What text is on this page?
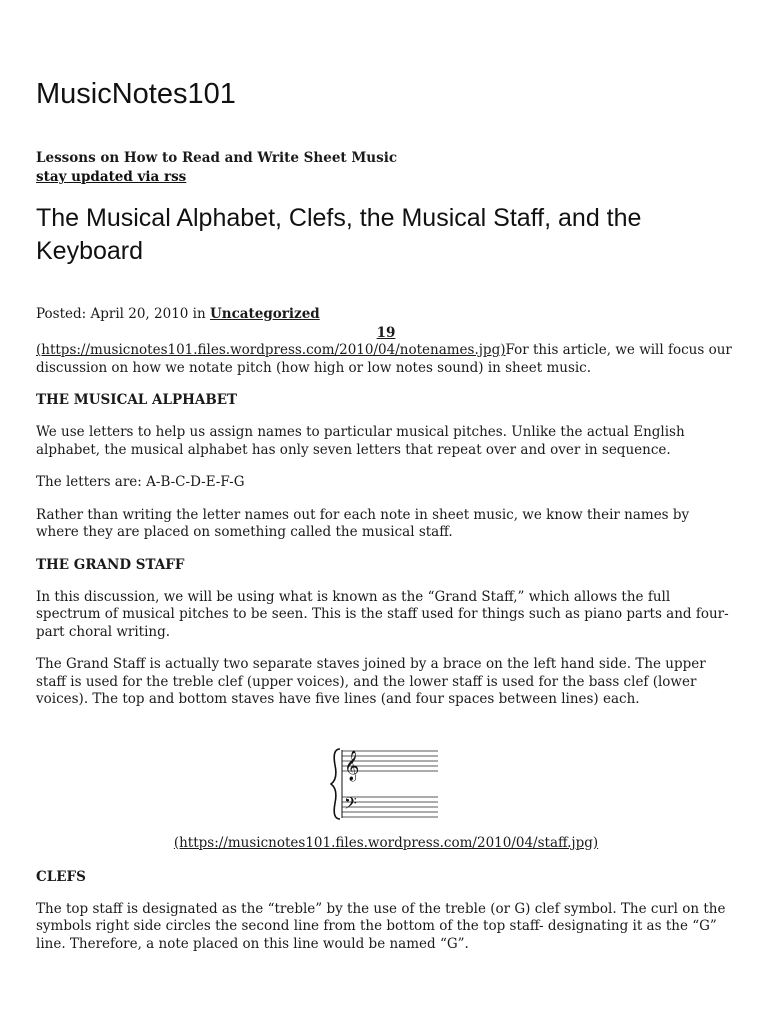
MusicNotes101
Lessons on How to Read and Write Sheet Music
stay updated via rss
The Musical Alphabet, Clefs, the Musical Staff, and the Keyboard
Posted: April 20, 2010 in Uncategorized
19

(https://musicnotes101.files.wordpress.com/2010/04/notenames.jpg)For this article, we will focus our discussion on how we notate pitch (how high or low notes sound) in sheet music.

THE MUSICAL ALPHABET

We use letters to help us assign names to particular musical pitches. Unlike the actual English alphabet, the musical alphabet has only seven letters that repeat over and over in sequence.

The letters are: A-B-C-D-E-F-G

Rather than writing the letter names out for each note in sheet music, we know their names by where they are placed on something called the musical staff.

THE GRAND STAFF

In this discussion, we will be using what is known as the “Grand Staff,” which allows the full spectrum of musical pitches to be seen. This is the staff used for things such as piano parts and four-part choral writing.

The Grand Staff is actually two separate staves joined by a brace on the left hand side. The upper staff is used for the treble clef (upper voices), and the lower staff is used for the bass clef (lower voices). The top and bottom staves have five lines (and four spaces between lines) each.

𝄞
𝄢
(https://musicnotes101.files.wordpress.com/2010/04/staff.jpg)
CLEFS

The top staff is designated as the “treble” by the use of the treble (or G) clef symbol. The curl on the symbols right side circles the second line from the bottom of the top staff- designating it as the “G” line. Therefore, a note placed on this line would be named “G”.
